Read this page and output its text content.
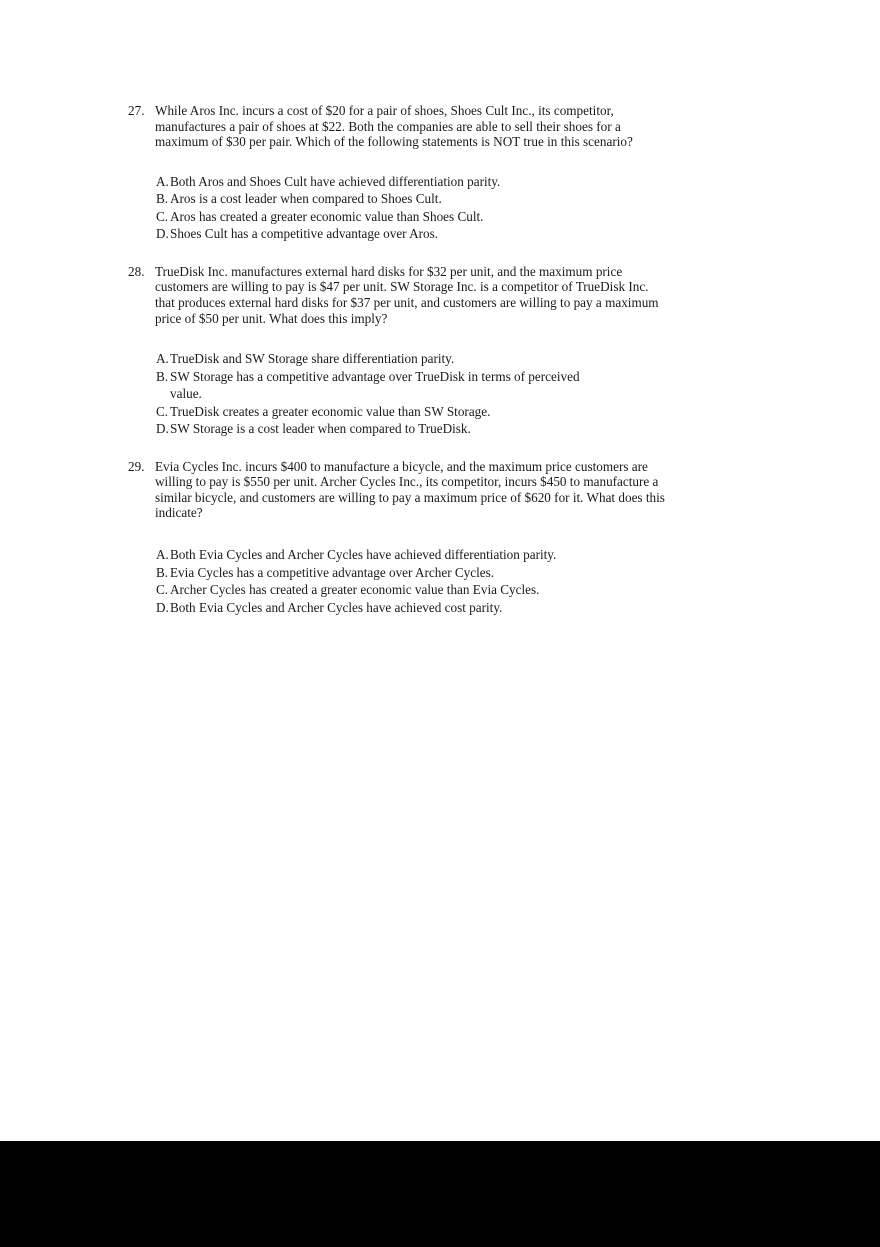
27. While Aros Inc. incurs a cost of $20 for a pair of shoes, Shoes Cult Inc., its competitor, manufactures a pair of shoes at $22. Both the companies are able to sell their shoes for a maximum of $30 per pair. Which of the following statements is NOT true in this scenario?
A. Both Aros and Shoes Cult have achieved differentiation parity.
B. Aros is a cost leader when compared to Shoes Cult.
C. Aros has created a greater economic value than Shoes Cult.
D. Shoes Cult has a competitive advantage over Aros.
28. TrueDisk Inc. manufactures external hard disks for $32 per unit, and the maximum price customers are willing to pay is $47 per unit. SW Storage Inc. is a competitor of TrueDisk Inc. that produces external hard disks for $37 per unit, and customers are willing to pay a maximum price of $50 per unit. What does this imply?
A. TrueDisk and SW Storage share differentiation parity.
B. SW Storage has a competitive advantage over TrueDisk in terms of perceived value.
C. TrueDisk creates a greater economic value than SW Storage.
D. SW Storage is a cost leader when compared to TrueDisk.
29. Evia Cycles Inc. incurs $400 to manufacture a bicycle, and the maximum price customers are willing to pay is $550 per unit. Archer Cycles Inc., its competitor, incurs $450 to manufacture a similar bicycle, and customers are willing to pay a maximum price of $620 for it. What does this indicate?
A. Both Evia Cycles and Archer Cycles have achieved differentiation parity.
B. Evia Cycles has a competitive advantage over Archer Cycles.
C. Archer Cycles has created a greater economic value than Evia Cycles.
D. Both Evia Cycles and Archer Cycles have achieved cost parity.
